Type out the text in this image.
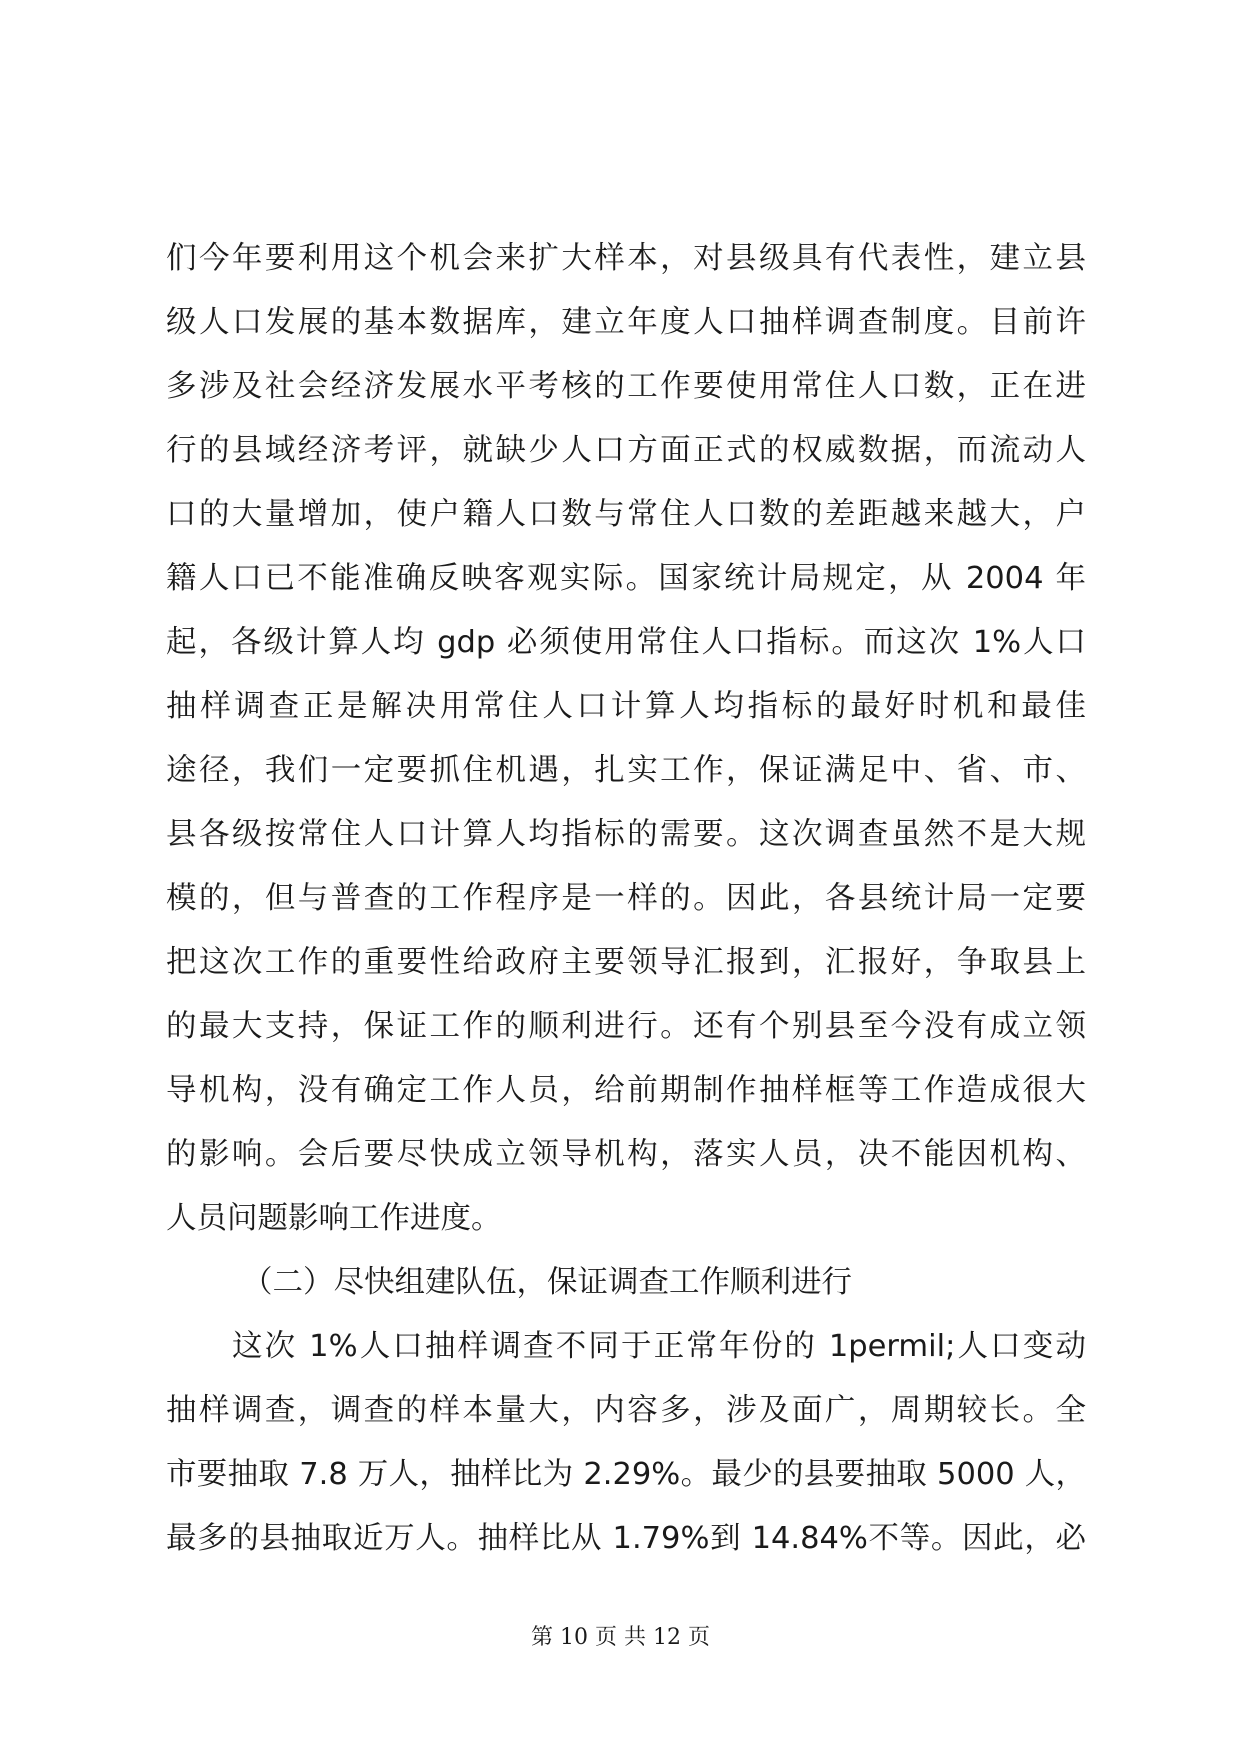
们今年要利用这个机会来扩大样本，对县级具有代表性，建立县
级人口发展的基本数据库，建立年度人口抽样调查制度。目前许
多涉及社会经济发展水平考核的工作要使用常住人口数，正在进
行的县域经济考评，就缺少人口方面正式的权威数据，而流动人
口的大量增加，使户籍人口数与常住人口数的差距越来越大，户
籍人口已不能准确反映客观实际。国家统计局规定，从 2004 年
起，各级计算人均 gdp 必须使用常住人口指标。而这次 1%人口
抽样调查正是解决用常住人口计算人均指标的最好时机和最佳
途径，我们一定要抓住机遇，扎实工作，保证满足中、省、市、
县各级按常住人口计算人均指标的需要。这次调查虽然不是大规
模的，但与普查的工作程序是一样的。因此，各县统计局一定要
把这次工作的重要性给政府主要领导汇报到，汇报好，争取县上
的最大支持，保证工作的顺利进行。还有个别县至今没有成立领
导机构，没有确定工作人员，给前期制作抽样框等工作造成很大
的影响。会后要尽快成立领导机构，落实人员，决不能因机构、
人员问题影响工作进度。
（二）尽快组建队伍，保证调查工作顺利进行
这次 1%人口抽样调查不同于正常年份的 1permil;人口变动
抽样调查，调查的样本量大，内容多，涉及面广，周期较长。全
市要抽取 7.8 万人，抽样比为 2.29%。最少的县要抽取 5000 人，
最多的县抽取近万人。抽样比从 1.79%到 14.84%不等。因此，必
第 10 页 共 12 页
